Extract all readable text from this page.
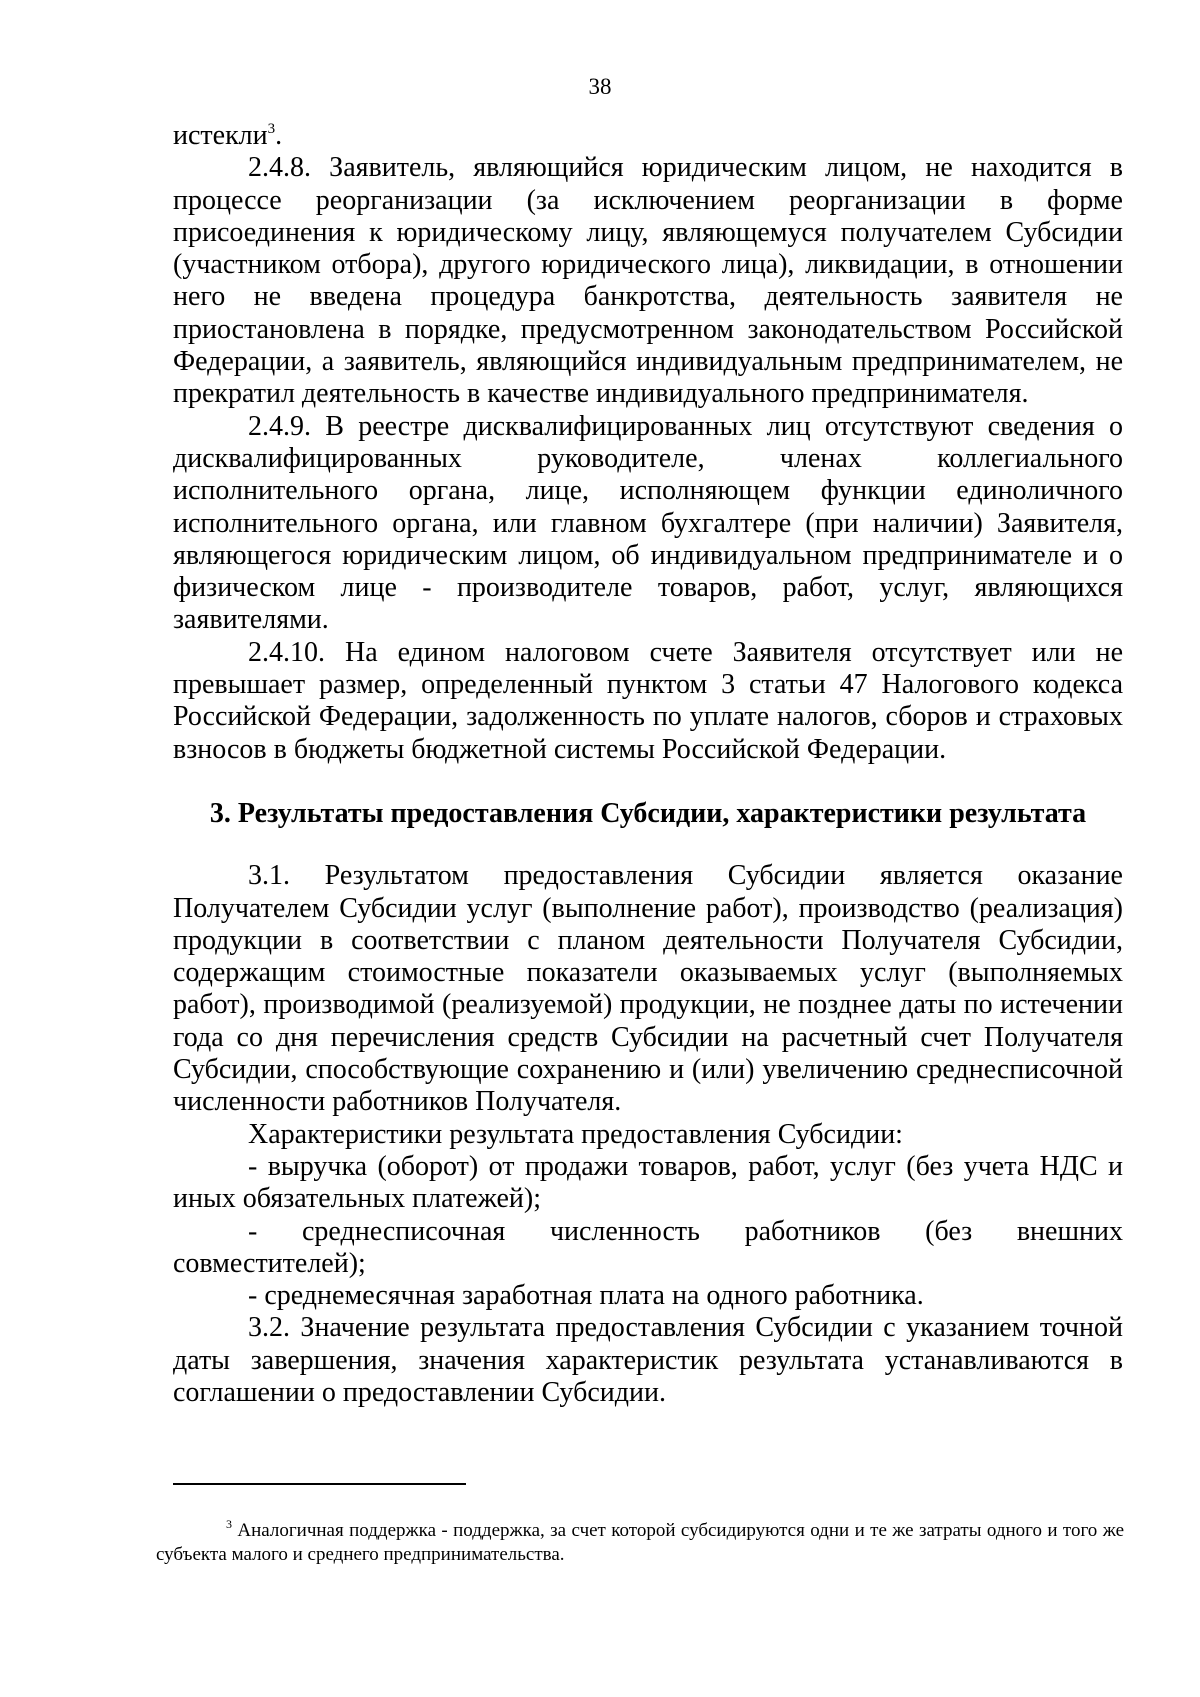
38

истекли$^3$.

2.4.8. Заявитель, являющийся юридическим лицом, не находится в процессе реорганизации (за исключением реорганизации в форме присоединения к юридическому лицу, являющемуся получателем Субсидии (участником отбора), другого юридического лица), ликвидации, в отношении него не введена процедура банкротства, деятельность заявителя не приостановлена в порядке, предусмотренном законодательством Российской Федерации, а заявитель, являющийся индивидуальным предпринимателем, не прекратил деятельность в качестве индивидуального предпринимателя.

2.4.9. В реестре дисквалифицированных лиц отсутствуют сведения о дисквалифицированных руководителе, членах коллегиального исполнительного органа, лице, исполняющем функции единоличного исполнительного органа, или главном бухгалтере (при наличии) Заявителя, являющегося юридическим лицом, об индивидуальном предпринимателе и о физическом лице - производителе товаров, работ, услуг, являющихся заявителями.

2.4.10. На едином налоговом счете Заявителя отсутствует или не превышает размер, определенный пунктом 3 статьи 47 Налогового кодекса Российской Федерации, задолженность по уплате налогов, сборов и страховых взносов в бюджеты бюджетной системы Российской Федерации.

3. Результаты предоставления Субсидии, характеристики результата

3.1. Результатом предоставления Субсидии является оказание Получателем Субсидии услуг (выполнение работ), производство (реализация) продукции в соответствии с планом деятельности Получателя Субсидии, содержащим стоимостные показатели оказываемых услуг (выполняемых работ), производимой (реализуемой) продукции, не позднее даты по истечении года со дня перечисления средств Субсидии на расчетный счет Получателя Субсидии, способствующие сохранению и (или) увеличению среднесписочной численности работников Получателя.

Характеристики результата предоставления Субсидии:

- выручка (оборот) от продажи товаров, работ, услуг (без учета НДС и иных обязательных платежей);

- среднесписочная численность работников (без внешних совместителей);

- среднемесячная заработная плата на одного работника.

3.2. Значение результата предоставления Субсидии с указанием точной даты завершения, значения характеристик результата устанавливаются в соглашении о предоставлении Субсидии.

$^3$ Аналогичная поддержка - поддержка, за счет которой субсидируются одни и те же затраты одного и того же субъекта малого и среднего предпринимательства.
